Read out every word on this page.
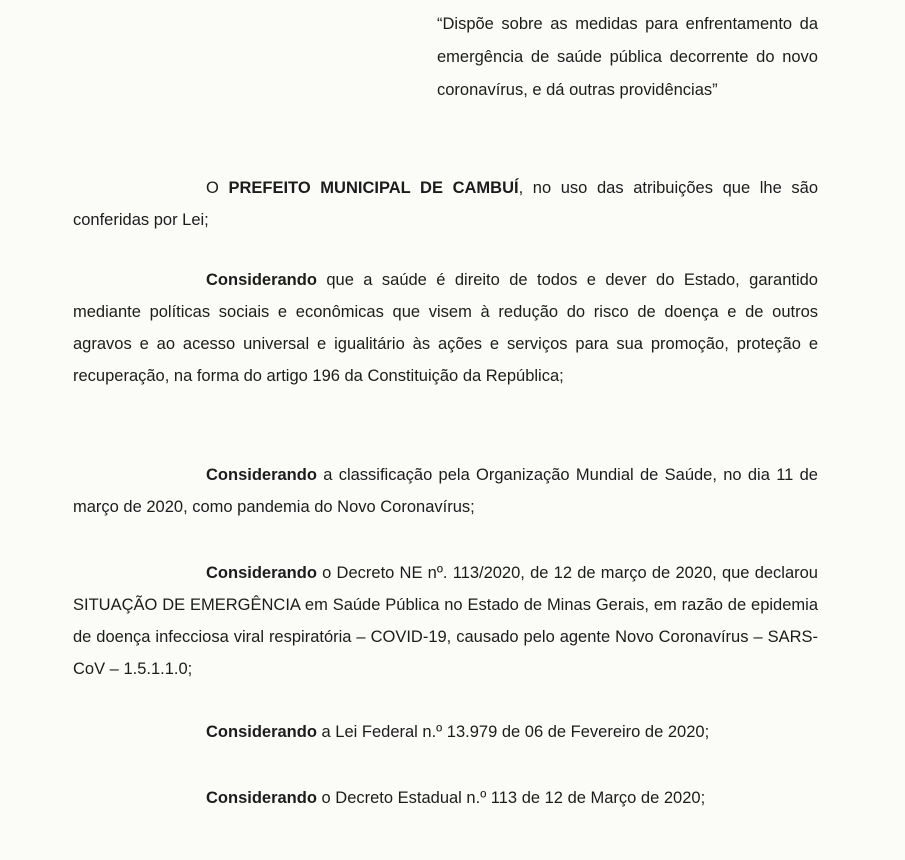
“Dispõe sobre as medidas para enfrentamento da emergência de saúde pública decorrente do novo coronavírus, e dá outras providências”

O PREFEITO MUNICIPAL DE CAMBUÍ, no uso das atribuições que lhe são conferidas por Lei;

Considerando que a saúde é direito de todos e dever do Estado, garantido mediante políticas sociais e econômicas que visem à redução do risco de doença e de outros agravos e ao acesso universal e igualitário às ações e serviços para sua promoção, proteção e recuperação, na forma do artigo 196 da Constituição da República;

Considerando a classificação pela Organização Mundial de Saúde, no dia 11 de março de 2020, como pandemia do Novo Coronavírus;

Considerando o Decreto NE nº. 113/2020, de 12 de março de 2020, que declarou SITUAÇÃO DE EMERGÊNCIA em Saúde Pública no Estado de Minas Gerais, em razão de epidemia de doença infecciosa viral respiratória – COVID-19, causado pelo agente Novo Coronavírus – SARS-CoV – 1.5.1.1.0;

Considerando a Lei Federal n.º 13.979 de 06 de Fevereiro de 2020;

Considerando o Decreto Estadual n.º 113 de 12 de Março de 2020;
